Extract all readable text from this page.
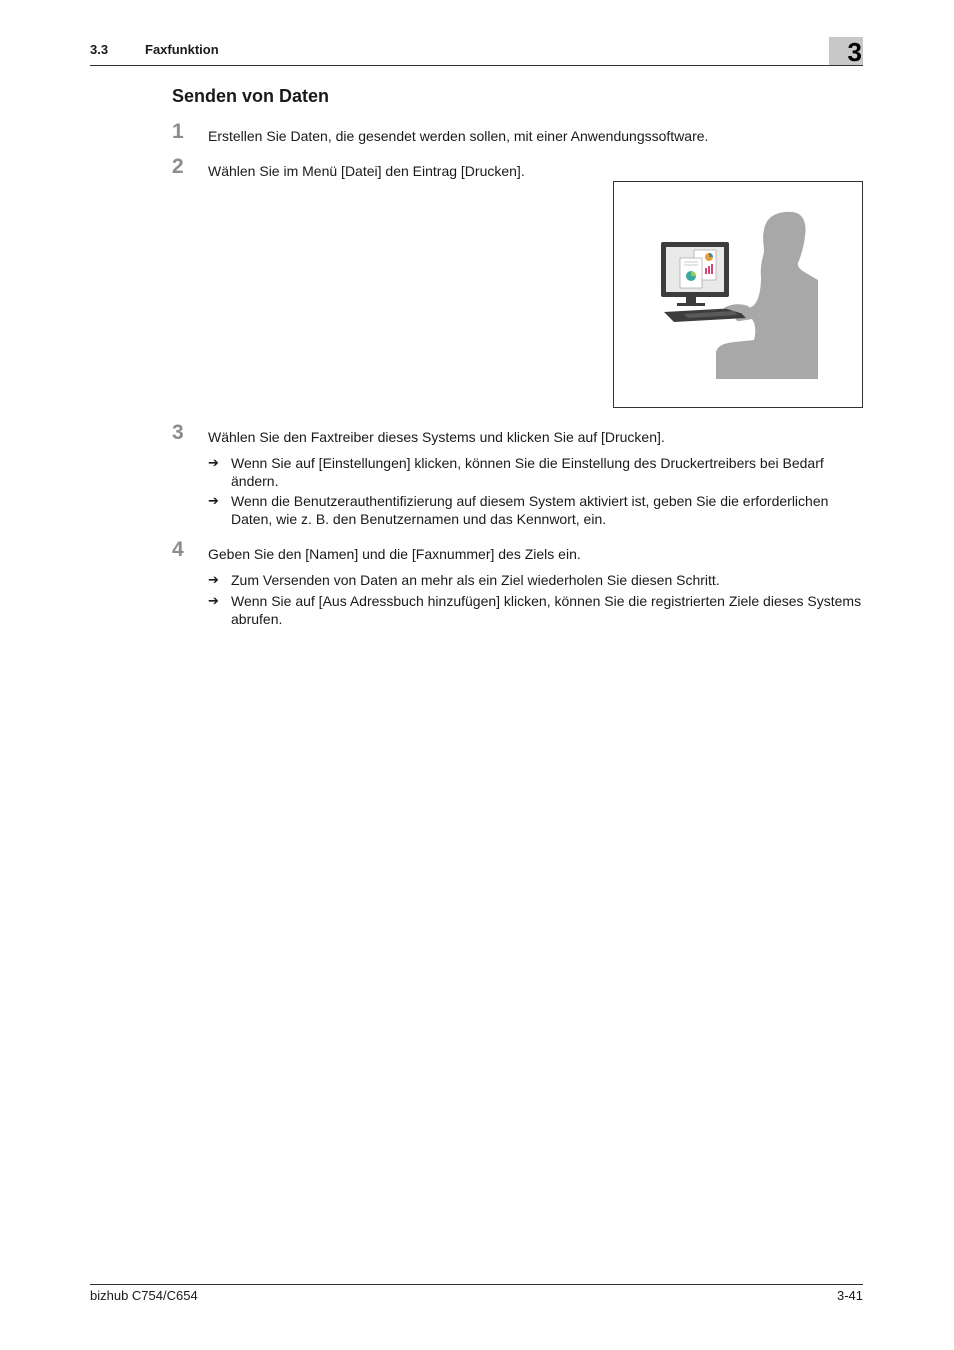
3.3	Faxfunktion	3
Senden von Daten
1 Erstellen Sie Daten, die gesendet werden sollen, mit einer Anwendungssoftware.
2 Wählen Sie im Menü [Datei] den Eintrag [Drucken].
3 Wählen Sie den Faxtreiber dieses Systems und klicken Sie auf [Drucken].
➔ Wenn Sie auf [Einstellungen] klicken, können Sie die Einstellung des Druckertreibers bei Bedarf ändern.
➔ Wenn die Benutzerauthentifizierung auf diesem System aktiviert ist, geben Sie die erforderlichen Daten, wie z. B. den Benutzernamen und das Kennwort, ein.
4 Geben Sie den [Namen] und die [Faxnummer] des Ziels ein.
➔ Zum Versenden von Daten an mehr als ein Ziel wiederholen Sie diesen Schritt.
➔ Wenn Sie auf [Aus Adressbuch hinzufügen] klicken, können Sie die registrierten Ziele dieses Systems abrufen.
bizhub C754/C654	3-41
